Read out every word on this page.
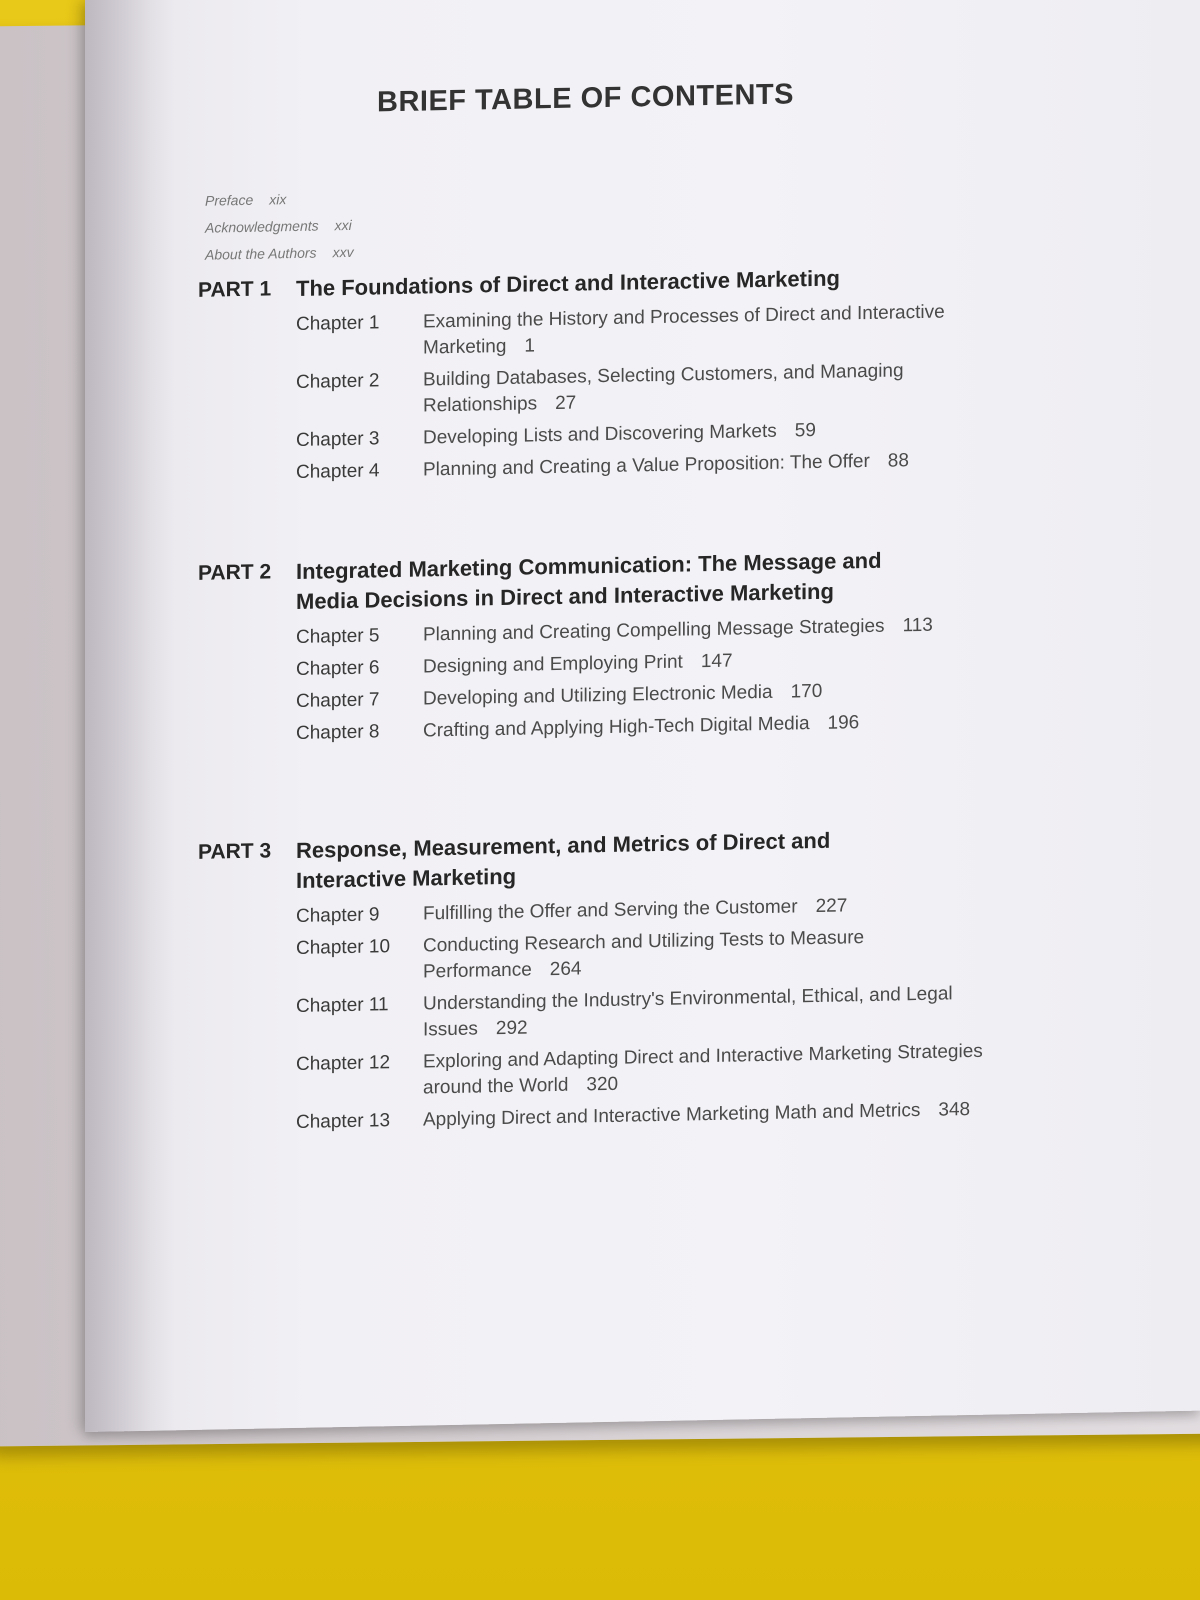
BRIEF TABLE OF CONTENTS
Preface xix
Acknowledgments xxi
About the Authors xxv
PART 1	The Foundations of Direct and Interactive Marketing
Chapter 1	Examining the History and Processes of Direct and Interactive Marketing 1
Chapter 2	Building Databases, Selecting Customers, and Managing Relationships 27
Chapter 3	Developing Lists and Discovering Markets 59
Chapter 4	Planning and Creating a Value Proposition: The Offer 88
PART 2	Integrated Marketing Communication: The Message and Media Decisions in Direct and Interactive Marketing
Chapter 5	Planning and Creating Compelling Message Strategies 113
Chapter 6	Designing and Employing Print 147
Chapter 7	Developing and Utilizing Electronic Media 170
Chapter 8	Crafting and Applying High-Tech Digital Media 196
PART 3	Response, Measurement, and Metrics of Direct and Interactive Marketing
Chapter 9	Fulfilling the Offer and Serving the Customer 227
Chapter 10	Conducting Research and Utilizing Tests to Measure Performance 264
Chapter 11	Understanding the Industry's Environmental, Ethical, and Legal Issues 292
Chapter 12	Exploring and Adapting Direct and Interactive Marketing Strategies around the World 320
Chapter 13	Applying Direct and Interactive Marketing Math and Metrics 348
